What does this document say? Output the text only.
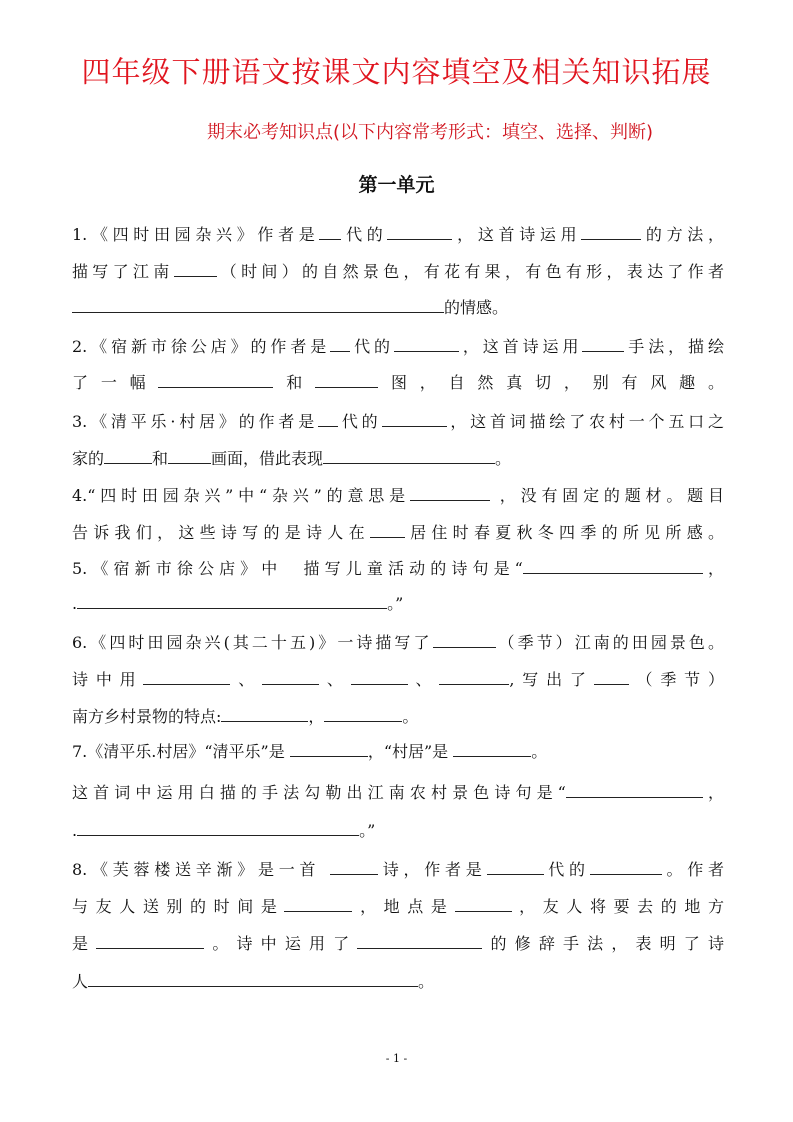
四年级下册语文按课文内容填空及相关知识拓展
期末必考知识点(以下内容常考形式：填空、选择、判断)
第一单元
1.《四时田园杂兴》作者是 代的	，这首诗运用	的方法，
描写了江南	（时间）的自然景色，有花有果，有色有形，表达了作者
的情感。
2.《宿新市徐公店》的作者是 代的	，这首诗运用	手法，描绘
了一幅	和	图，自然真切，别有风趣。
3.《清平乐·村居》的作者是 代的	，这首词描绘了农村一个五口之
家的	和	画面，借此表现	。
4.“四时田园杂兴”中“杂兴”的意思是	，没有固定的题材。题目
告诉我们，这些诗写的是诗人在 居住时春夏秋冬四季的所见所感。
5.《宿新市徐公店》中　描写儿童活动的诗句是“	，
.	。”
6.《四时田园杂兴(其二十五)》一诗描写了	（季节）江南的田园景色。
诗中用	、	、	、	,写出了 （季节）
南方乡村景物的特点:	，	。
7.《清平乐.村居》“清平乐”是	，“村居”是	。
这首词中运用白描的手法勾勒出江南农村景色诗句是“	，
.	。”
8.《芙蓉楼送辛渐》是一首	诗，作者是	代的	。作者
与友人送别的时间是	，地点是	，友人将要去的地方
是	。诗中运用了	的修辞手法，表明了诗
人	。
- 1 -
